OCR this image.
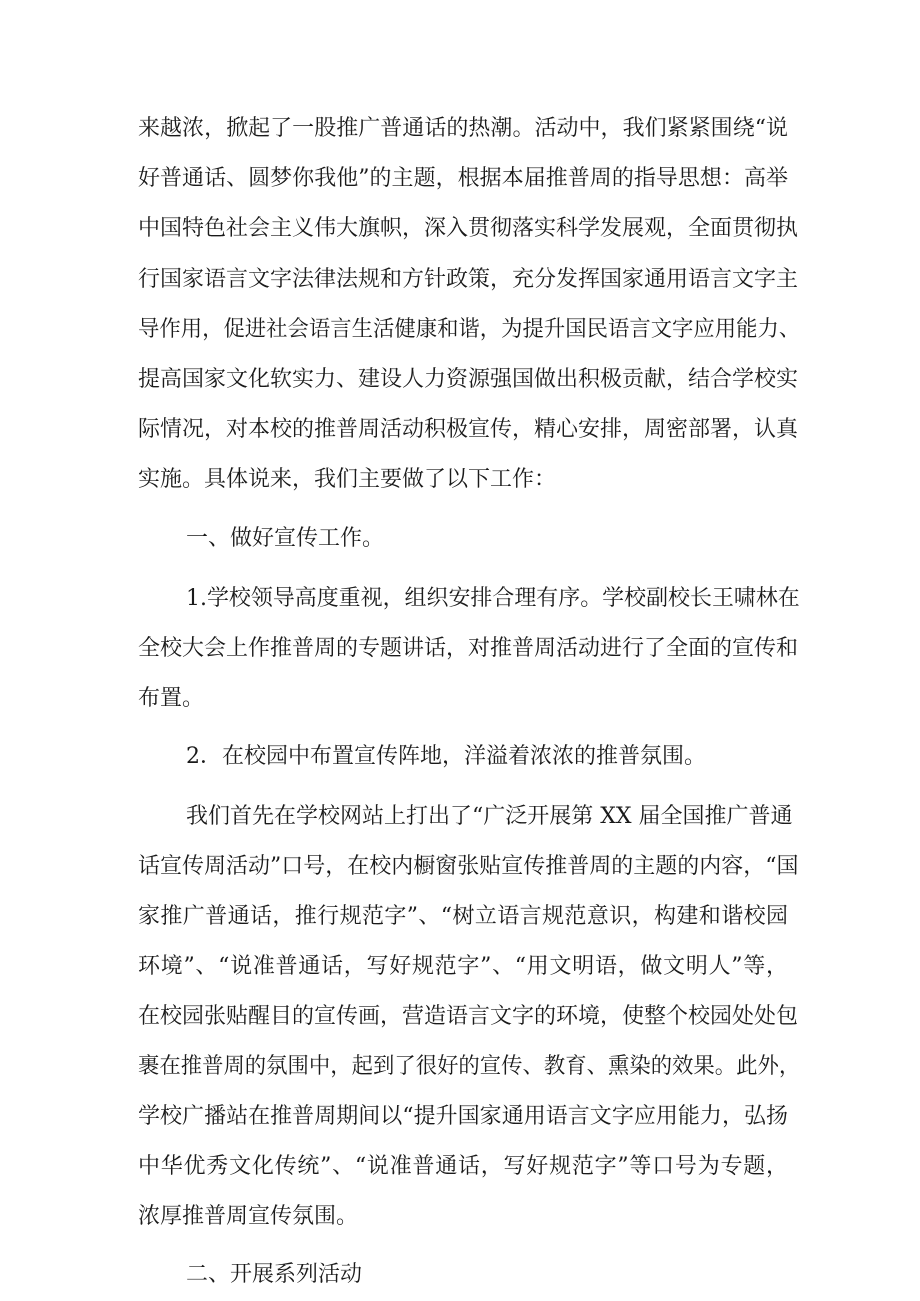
来越浓，掀起了一股推广普通话的热潮。活动中，我们紧紧围绕“说
好普通话、圆梦你我他”的主题，根据本届推普周的指导思想：高举
中国特色社会主义伟大旗帜，深入贯彻落实科学发展观，全面贯彻执
行国家语言文字法律法规和方针政策，充分发挥国家通用语言文字主
导作用，促进社会语言生活健康和谐，为提升国民语言文字应用能力、
提高国家文化软实力、建设人力资源强国做出积极贡献，结合学校实
际情况，对本校的推普周活动积极宣传，精心安排，周密部署，认真
实施。具体说来，我们主要做了以下工作：
一、做好宣传工作。
1.学校领导高度重视，组织安排合理有序。学校副校长王啸林在
全校大会上作推普周的专题讲话，对推普周活动进行了全面的宣传和
布置。
2．在校园中布置宣传阵地，洋溢着浓浓的推普氛围。
我们首先在学校网站上打出了“广泛开展第 XX 届全国推广普通
话宣传周活动”口号，在校内橱窗张贴宣传推普周的主题的内容，“国
家推广普通话，推行规范字”、“树立语言规范意识，构建和谐校园
环境”、“说准普通话，写好规范字”、“用文明语，做文明人”等，
在校园张贴醒目的宣传画，营造语言文字的环境，使整个校园处处包
裹在推普周的氛围中，起到了很好的宣传、教育、熏染的效果。此外，
学校广播站在推普周期间以“提升国家通用语言文字应用能力，弘扬
中华优秀文化传统”、“说准普通话，写好规范字”等口号为专题，
浓厚推普周宣传氛围。
二、开展系列活动
